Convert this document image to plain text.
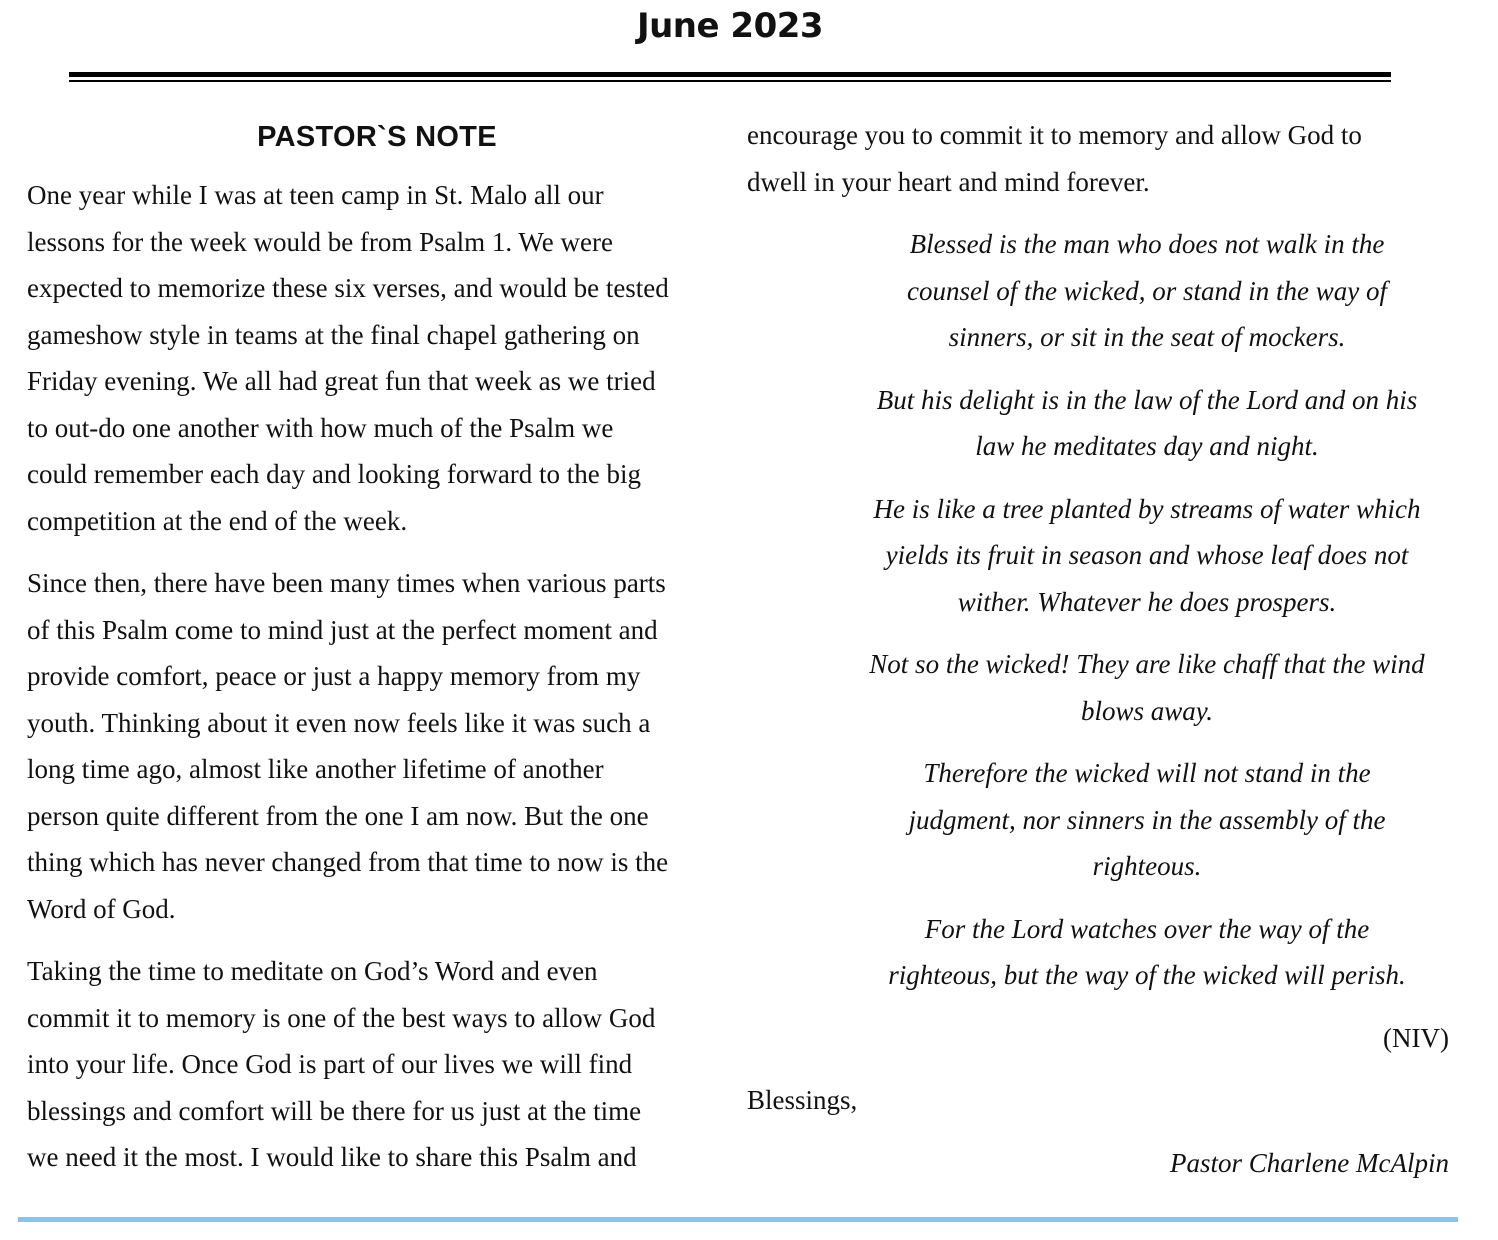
June 2023
PASTOR`S NOTE
One year while I was at teen camp in St. Malo all our
lessons for the week would be from Psalm 1. We were
expected to memorize these six verses, and would be tested
gameshow style in teams at the final chapel gathering on
Friday evening. We all had great fun that week as we tried
to out-do one another with how much of the Psalm we
could remember each day and looking forward to the big
competition at the end of the week.
Since then, there have been many times when various parts
of this Psalm come to mind just at the perfect moment and
provide comfort, peace or just a happy memory from my
youth. Thinking about it even now feels like it was such a
long time ago, almost like another lifetime of another
person quite different from the one I am now. But the one
thing which has never changed from that time to now is the
Word of God.
Taking the time to meditate on God’s Word and even
commit it to memory is one of the best ways to allow God
into your life. Once God is part of our lives we will find
blessings and comfort will be there for us just at the time
we need it the most. I would like to share this Psalm and
encourage you to commit it to memory and allow God to
dwell in your heart and mind forever.
Blessed is the man who does not walk in the
counsel of the wicked, or stand in the way of
sinners, or sit in the seat of mockers.
But his delight is in the law of the Lord and on his
law he meditates day and night.
He is like a tree planted by streams of water which
yields its fruit in season and whose leaf does not
wither. Whatever he does prospers.
Not so the wicked! They are like chaff that the wind
blows away.
Therefore the wicked will not stand in the
judgment, nor sinners in the assembly of the
righteous.
For the Lord watches over the way of the
righteous, but the way of the wicked will perish.
(NIV)
Blessings,
Pastor Charlene McAlpin
